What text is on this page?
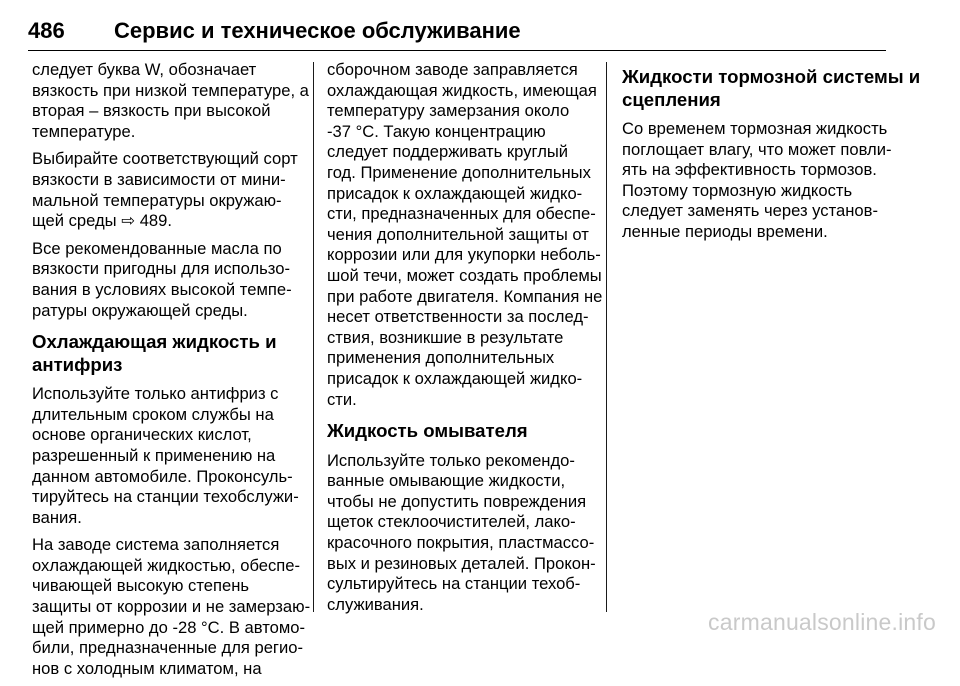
486 Сервис и техническое обслуживание

следует буква W, обозначает
вязкость при низкой температуре, а
вторая – вязкость при высокой
температуре.

Выбирайте соответствующий сорт
вязкости в зависимости от мини-
мальной температуры окружаю-
щей среды ⇨ 489.

Все рекомендованные масла по
вязкости пригодны для использо-
вания в условиях высокой темпе-
ратуры окружающей среды.

Охлаждающая жидкость и
антифриз

Используйте только антифриз с
длительным сроком службы на
основе органических кислот,
разрешенный к применению на
данном автомобиле. Проконсуль-
тируйтесь на станции техобслужи-
вания.

На заводе система заполняется
охлаждающей жидкостью, обеспе-
чивающей высокую степень
защиты от коррозии и не замерзаю-
щей примерно до -28 °C. В автомо-
били, предназначенные для регио-
нов с холодным климатом, на

сборочном заводе заправляется
охлаждающая жидкость, имеющая
температуру замерзания около
-37 °C. Такую концентрацию
следует поддерживать круглый
год. Применение дополнительных
присадок к охлаждающей жидко-
сти, предназначенных для обеспе-
чения дополнительной защиты от
коррозии или для укупорки неболь-
шой течи, может создать проблемы
при работе двигателя. Компания не
несет ответственности за послед-
ствия, возникшие в результате
применения дополнительных
присадок к охлаждающей жидко-
сти.

Жидкость омывателя

Используйте только рекомендо-
ванные омывающие жидкости,
чтобы не допустить повреждения
щеток стеклоочистителей, лако-
красочного покрытия, пластмассо-
вых и резиновых деталей. Прокон-
сультируйтесь на станции техоб-
служивания.

Жидкости тормозной системы и
сцепления

Со временем тормозная жидкость
поглощает влагу, что может повли-
ять на эффективность тормозов.
Поэтому тормозную жидкость
следует заменять через установ-
ленные периоды времени.

carmanualsonline.info
